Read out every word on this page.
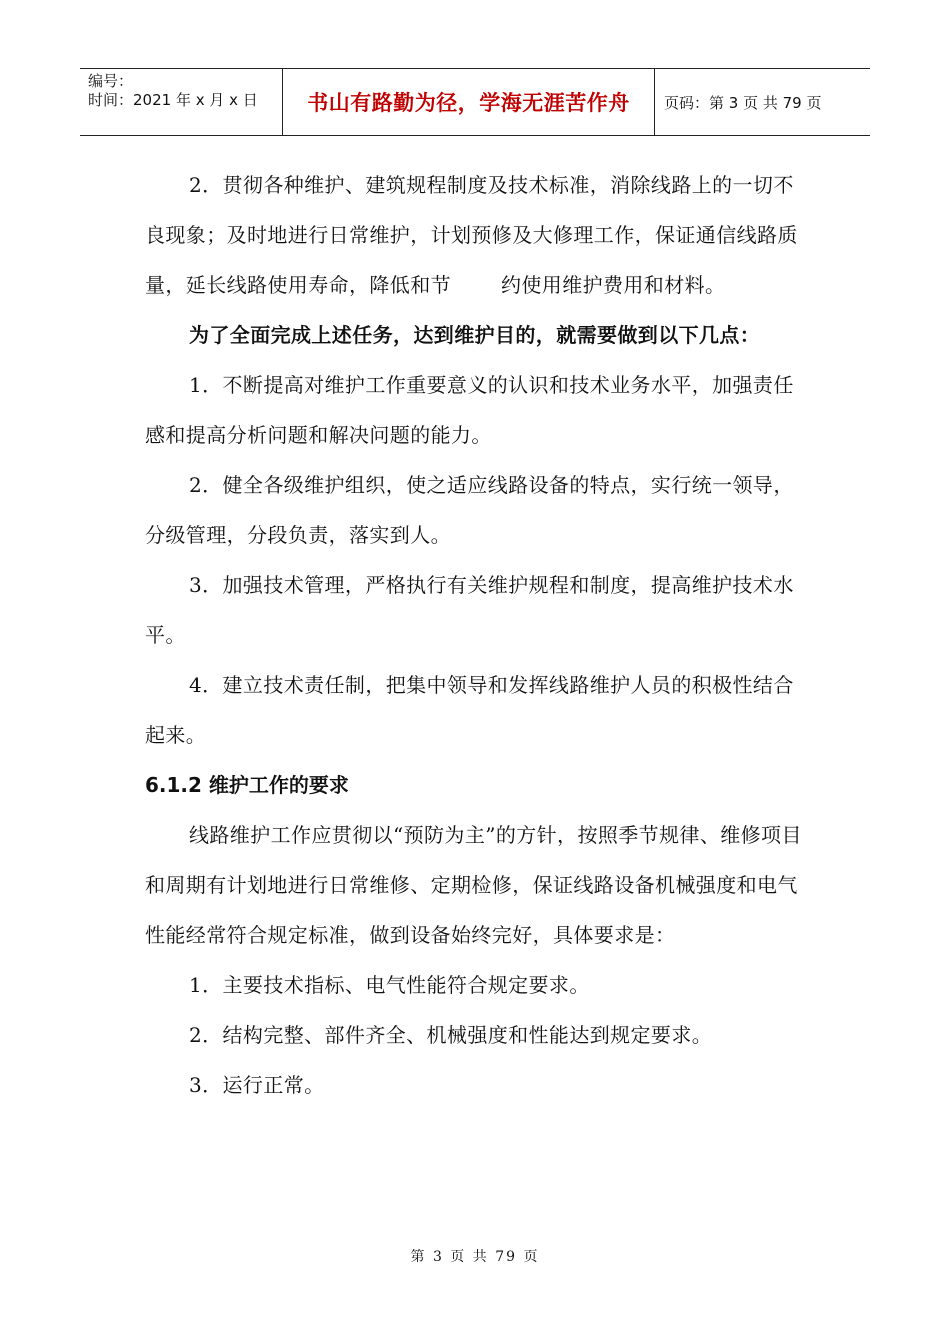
编号：
时间：2021 年 x 月 x 日	书山有路勤为径，学海无涯苦作舟	页码：第 3 页 共 79 页

2．贯彻各种维护、建筑规程制度及技术标准，消除线路上的一切不良现象；及时地进行日常维护，计划预修及大修理工作，保证通信线路质量，延长线路使用寿命，降低和节	约使用维护费用和材料。

为了全面完成上述任务，达到维护目的，就需要做到以下几点：

1．不断提高对维护工作重要意义的认识和技术业务水平，加强责任感和提高分析问题和解决问题的能力。

2．健全各级维护组织，使之适应线路设备的特点，实行统一领导，分级管理，分段负责，落实到人。

3．加强技术管理，严格执行有关维护规程和制度，提高维护技术水平。

4．建立技术责任制，把集中领导和发挥线路维护人员的积极性结合起来。

6.1.2 维护工作的要求

线路维护工作应贯彻以“预防为主”的方针，按照季节规律、维修项目和周期有计划地进行日常维修、定期检修，保证线路设备机械强度和电气性能经常符合规定标准，做到设备始终完好，具体要求是：

1．主要技术指标、电气性能符合规定要求。

2．结构完整、部件齐全、机械强度和性能达到规定要求。

3．运行正常。

第 3 页 共 79 页
